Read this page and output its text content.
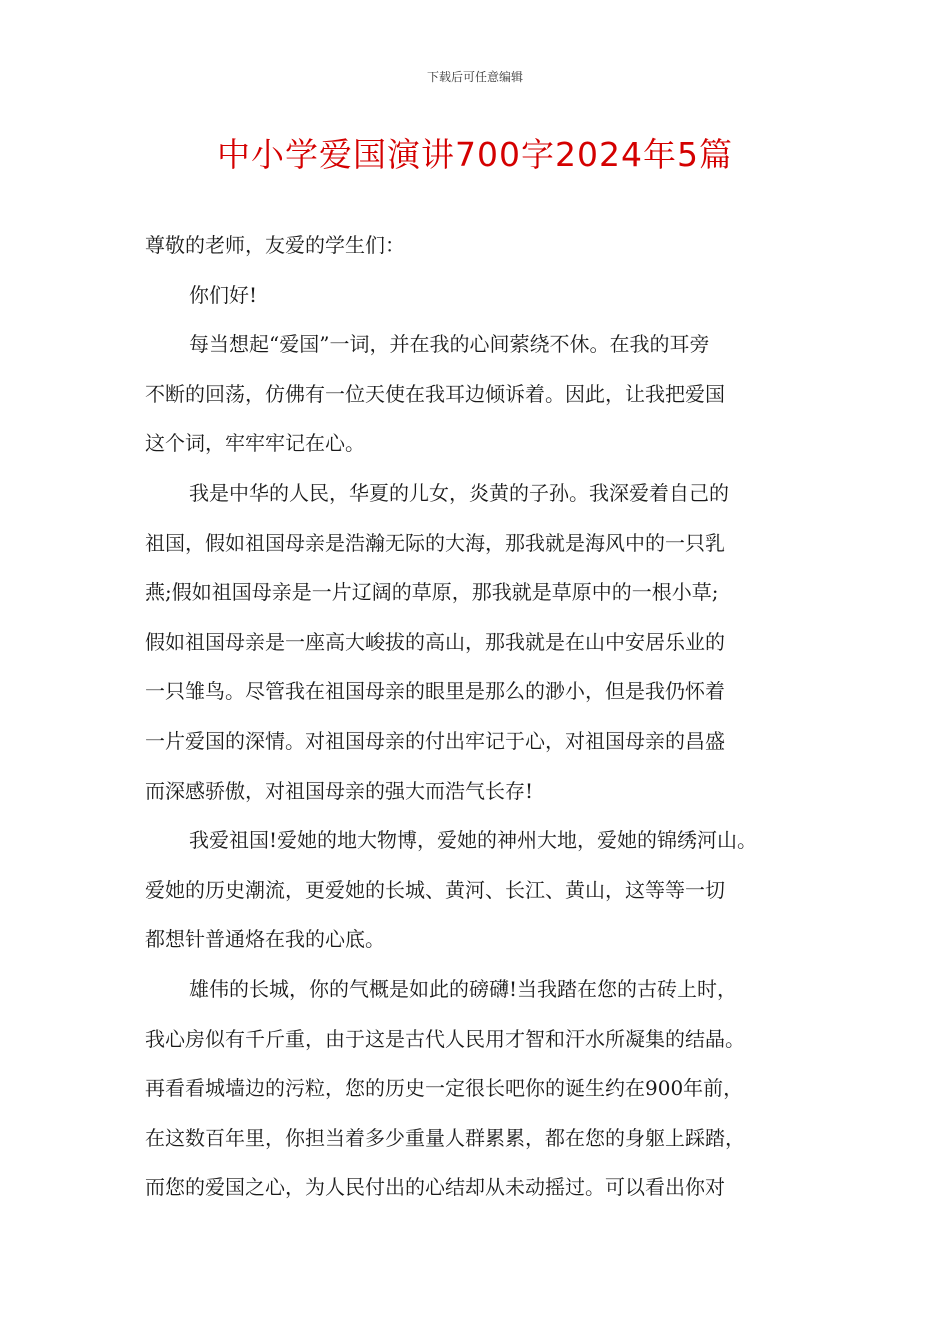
下载后可任意编辑
中小学爱国演讲700字2024年5篇

尊敬的老师，友爱的学生们：

你们好!

每当想起“爱国”一词，并在我的心间萦绕不休。在我的耳旁

不断的回荡，仿佛有一位天使在我耳边倾诉着。因此，让我把爱国

这个词，牢牢牢记在心。

我是中华的人民，华夏的儿女，炎黄的子孙。我深爱着自己的

祖国，假如祖国母亲是浩瀚无际的大海，那我就是海风中的一只乳

燕;假如祖国母亲是一片辽阔的草原，那我就是草原中的一根小草;

假如祖国母亲是一座高大峻拔的高山，那我就是在山中安居乐业的

一只雏鸟。尽管我在祖国母亲的眼里是那么的渺小，但是我仍怀着

一片爱国的深情。对祖国母亲的付出牢记于心，对祖国母亲的昌盛

而深感骄傲，对祖国母亲的强大而浩气长存!

我爱祖国!爱她的地大物博，爱她的神州大地，爱她的锦绣河山。

爱她的历史潮流，更爱她的长城、黄河、长江、黄山，这等等一切

都想针普通烙在我的心底。

雄伟的长城，你的气概是如此的磅礴!当我踏在您的古砖上时，

我心房似有千斤重，由于这是古代人民用才智和汗水所凝集的结晶。

再看看城墙边的污粒，您的历史一定很长吧你的诞生约在900年前，

在这数百年里，你担当着多少重量人群累累，都在您的身躯上踩踏，

而您的爱国之心，为人民付出的心结却从未动摇过。可以看出你对
